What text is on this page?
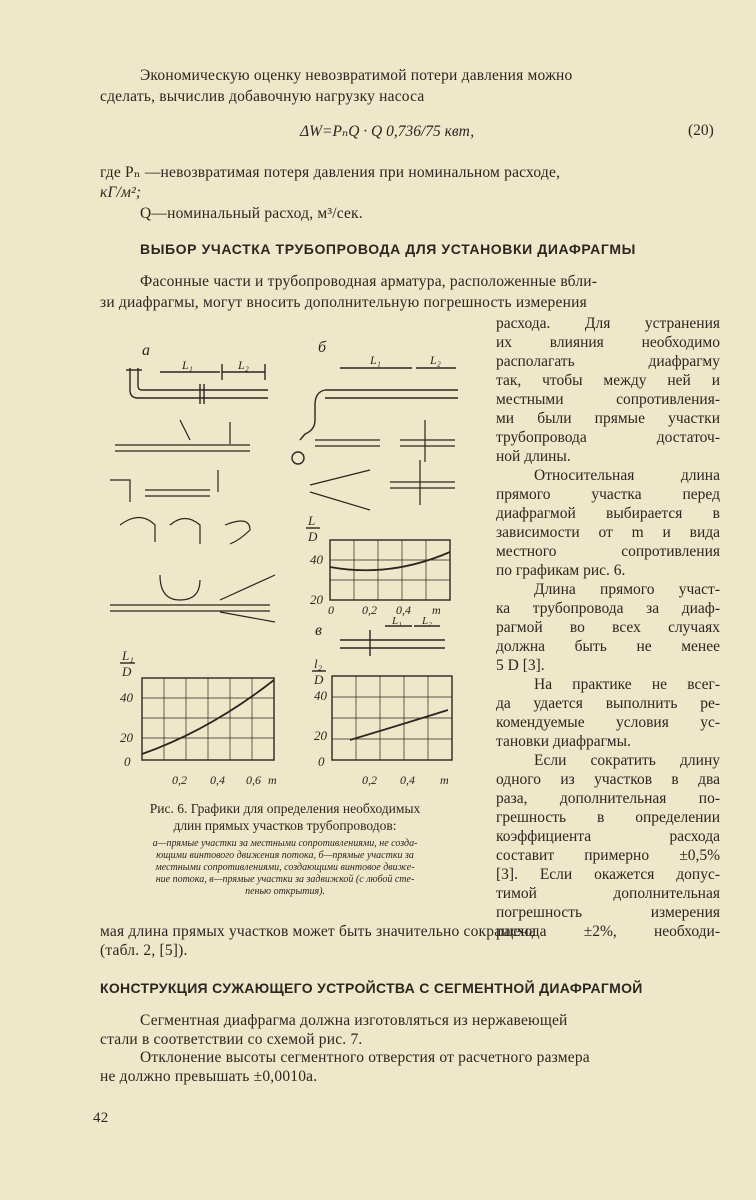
Экономическую оценку невозвратимой потери давления можно
сделать, вычислив добавочную нагрузку насоса
ΔW=PₙQ · Q 0,736/75 квт,	(20)
где Pₙ —невозвратимая потеря давления при номинальном расходе,
кГ/м²;
Q—номинальный расход, м³/сек.
ВЫБОР УЧАСТКА ТРУБОПРОВОДА ДЛЯ УСТАНОВКИ ДИАФРАГМЫ
Фасонные части и трубопроводная арматура, расположенные вбли-
зи диафрагмы, могут вносить дополнительную погрешность измерения
расхода. Для устранения
их влияния необходимо
располагать диафрагму
так, чтобы между ней и
местными сопротивления-
ми были прямые участки
трубопровода достаточ-
ной длины.
Относительная длина
прямого участка перед
диафрагмой выбирается в
зависимости от m и вида
местного сопротивления
по графикам рис. 6.
Длина прямого участ-
ка трубопровода за диаф-
рагмой во всех случаях
должна быть не менее
5 D [3].
На практике не всег-
да удается выполнить ре-
комендуемые условия ус-
тановки диафрагмы.
Если сократить длину
одного из участков в два
раза, дополнительная по-
грешность в определении
коэффициента расхода
составит примерно ±0,5%
[3]. Если окажется допус-
тимой дополнительная
погрешность измерения
расхода ±2%, необходи-
а
L₁	L₂
б
L₁	L₂
L
D
40
20
0 0,2 0,4 m
в
L₁ L₂
L₁
D
40
20
0
0,2 0,4 0,6 m
l₂
D
40
20
0
0,2 0,4 m
Рис. 6. Графики для определения необходимых
длин прямых участков трубопроводов:
а—прямые участки за местными сопротивлениями, не созда-
ющими винтового движения потока, б—прямые участки за
местными сопротивлениями, создающими винтовое движе-
ние потока, в—прямые участки за задвижкой (с любой сте-
пенью открытия).
мая длина прямых участков может быть значительно сокращена
(табл. 2, [5]).
КОНСТРУКЦИЯ СУЖАЮЩЕГО УСТРОЙСТВА С СЕГМЕНТНОЙ ДИАФРАГМОЙ
Сегментная диафрагма должна изготовляться из нержавеющей
стали в соответствии со схемой рис. 7.
Отклонение высоты сегментного отверстия от расчетного размера
не должно превышать ±0,0010a.
42
